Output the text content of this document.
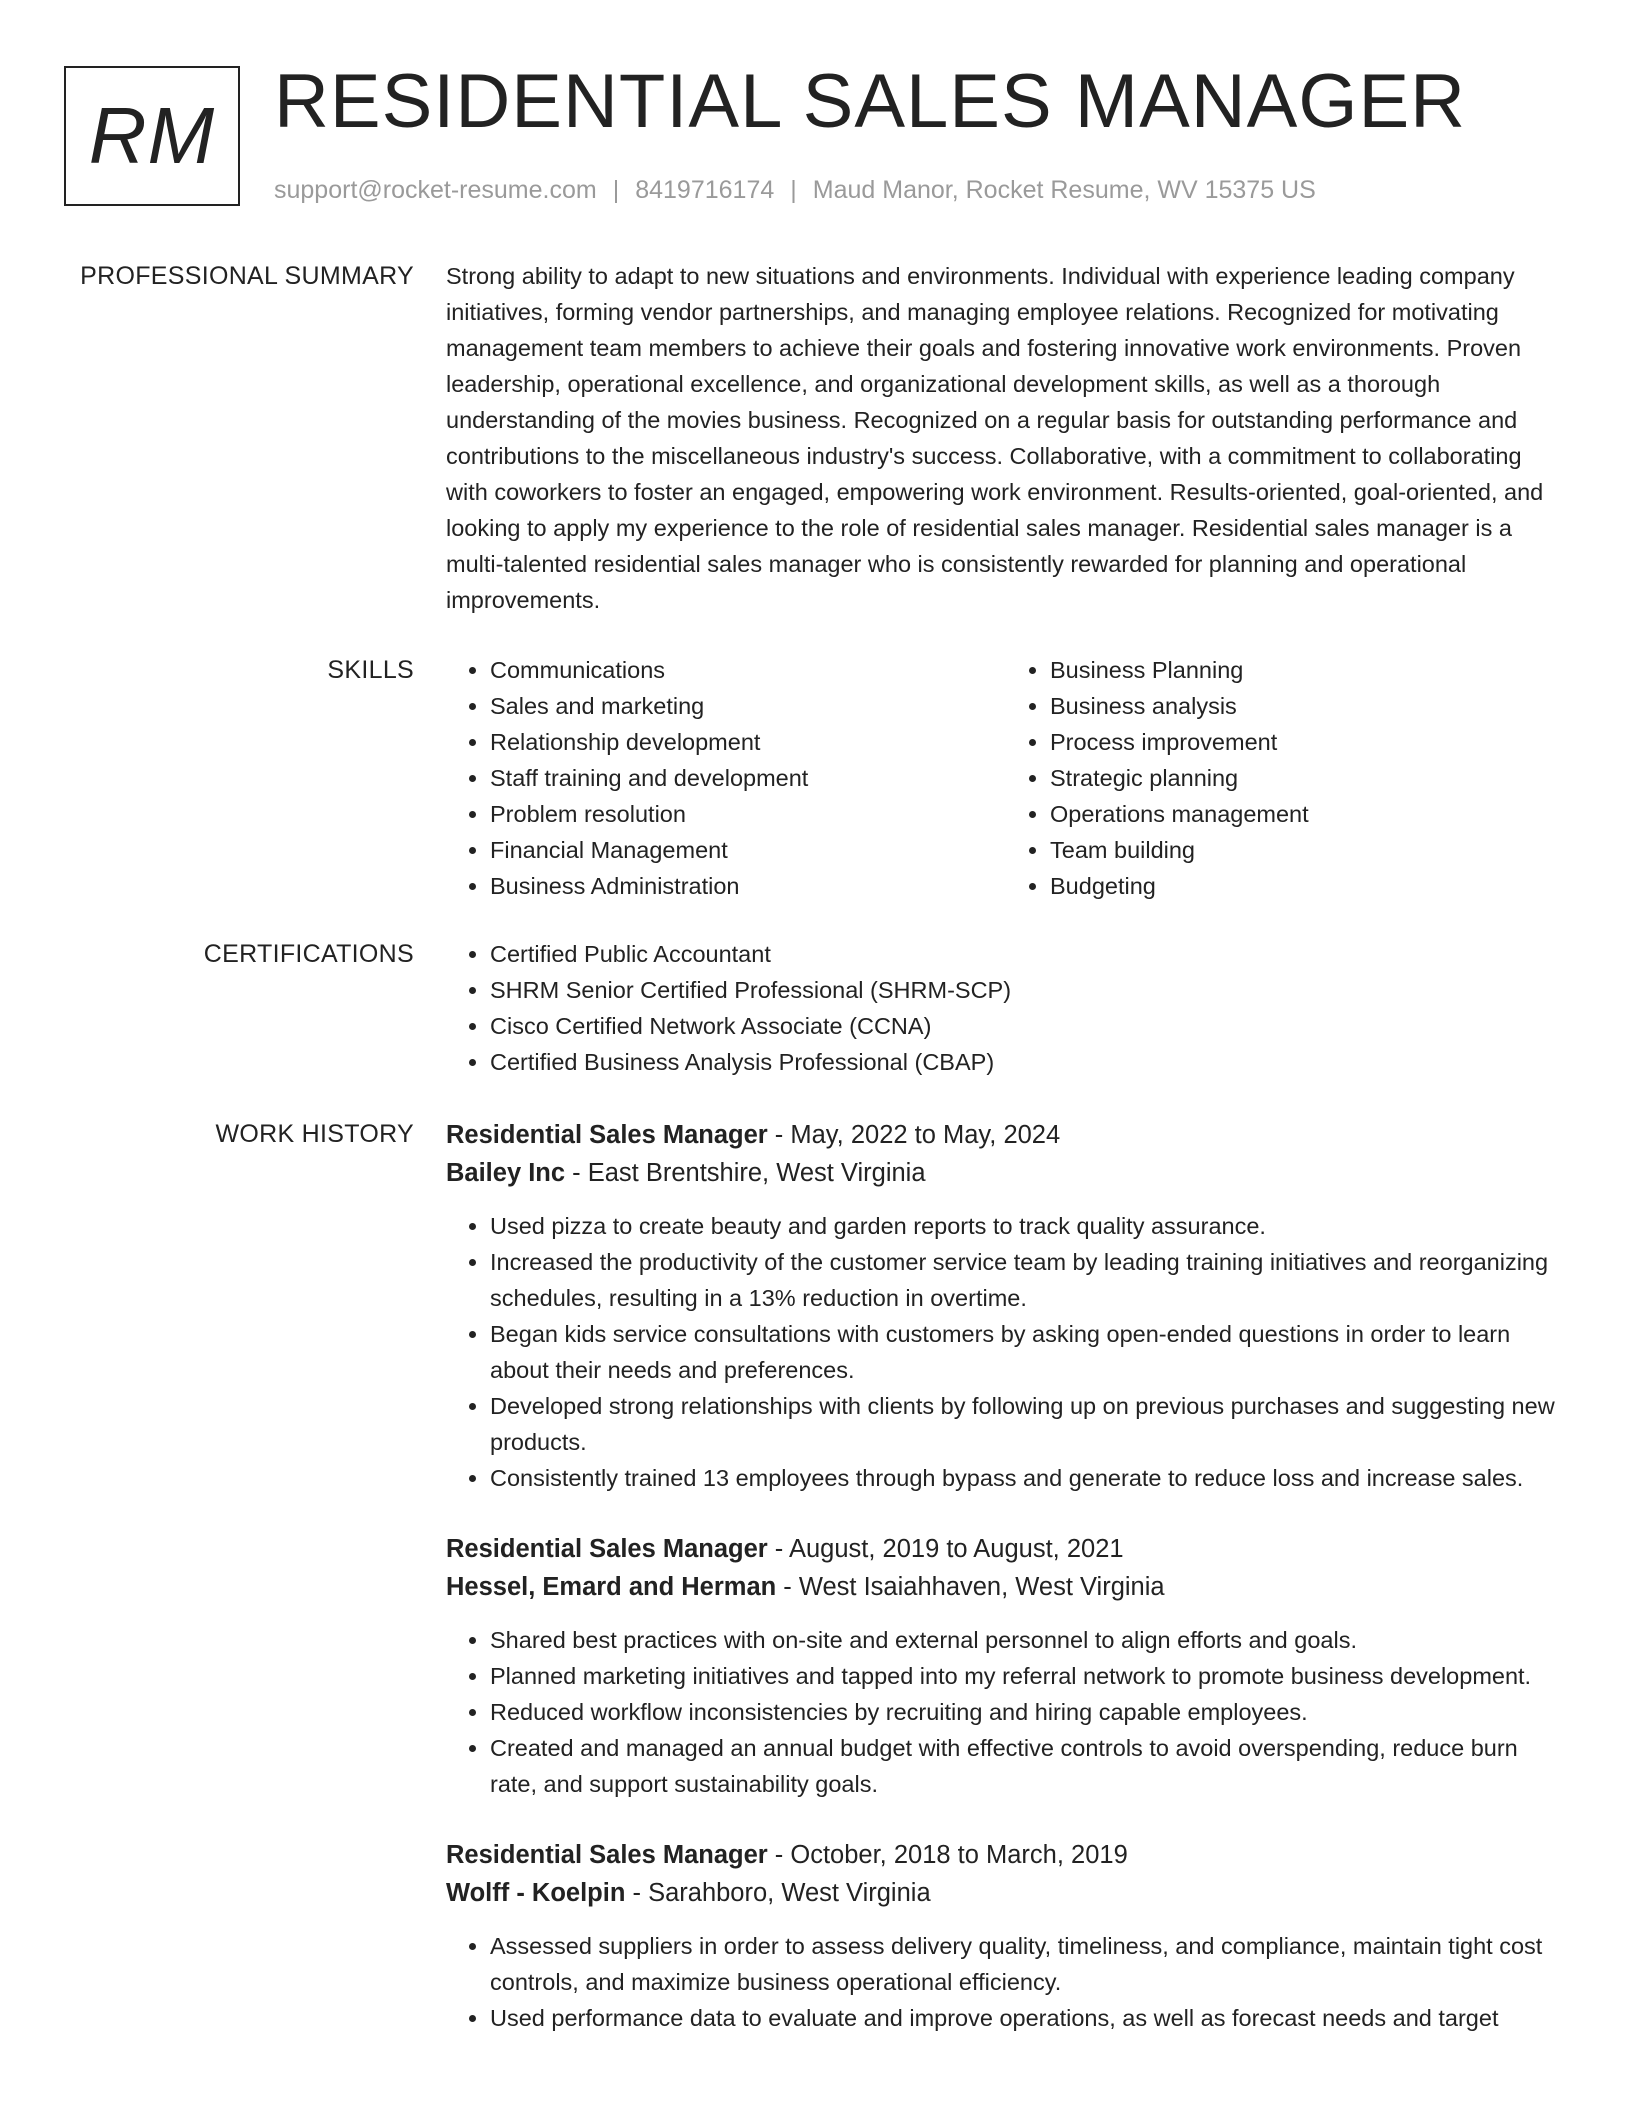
RM RESIDENTIAL SALES MANAGER
support@rocket-resume.com | 8419716174 | Maud Manor, Rocket Resume, WV 15375 US
PROFESSIONAL SUMMARY Strong ability to adapt to new situations and environments. Individual with experience leading company initiatives, forming vendor partnerships, and managing employee relations. Recognized for motivating management team members to achieve their goals and fostering innovative work environments. Proven leadership, operational excellence, and organizational development skills, as well as a thorough understanding of the movies business. Recognized on a regular basis for outstanding performance and contributions to the miscellaneous industry's success. Collaborative, with a commitment to collaborating with coworkers to foster an engaged, empowering work environment. Results-oriented, goal-oriented, and looking to apply my experience to the role of residential sales manager. Residential sales manager is a multi-talented residential sales manager who is consistently rewarded for planning and operational improvements.

SKILLS	• Communications
• Sales and marketing
• Relationship development
• Staff training and development
• Problem resolution
• Financial Management
• Business Administration
• Business Planning
• Business analysis
• Process improvement
• Strategic planning
• Operations management
• Team building
• Budgeting
CERTIFICATIONS	• Certified Public Accountant
• SHRM Senior Certified Professional (SHRM-SCP)
• Cisco Certified Network Associate (CCNA)
• Certified Business Analysis Professional (CBAP)
WORK HISTORY Residential Sales Manager - May, 2022 to May, 2024
Bailey Inc - East Brentshire, West Virginia
• Used pizza to create beauty and garden reports to track quality assurance.
• Increased the productivity of the customer service team by leading training initiatives and reorganizing schedules, resulting in a 13% reduction in overtime.
• Began kids service consultations with customers by asking open-ended questions in order to learn about their needs and preferences.
• Developed strong relationships with clients by following up on previous purchases and suggesting new products.
• Consistently trained 13 employees through bypass and generate to reduce loss and increase sales.
Residential Sales Manager - August, 2019 to August, 2021
Hessel, Emard and Herman - West Isaiahhaven, West Virginia
• Shared best practices with on-site and external personnel to align efforts and goals.
• Planned marketing initiatives and tapped into my referral network to promote business development.
• Reduced workflow inconsistencies by recruiting and hiring capable employees.
• Created and managed an annual budget with effective controls to avoid overspending, reduce burn rate, and support sustainability goals.
Residential Sales Manager - October, 2018 to March, 2019
Wolff - Koelpin - Sarahboro, West Virginia
• Assessed suppliers in order to assess delivery quality, timeliness, and compliance, maintain tight cost controls, and maximize business operational efficiency.
• Used performance data to evaluate and improve operations, as well as forecast needs and target
